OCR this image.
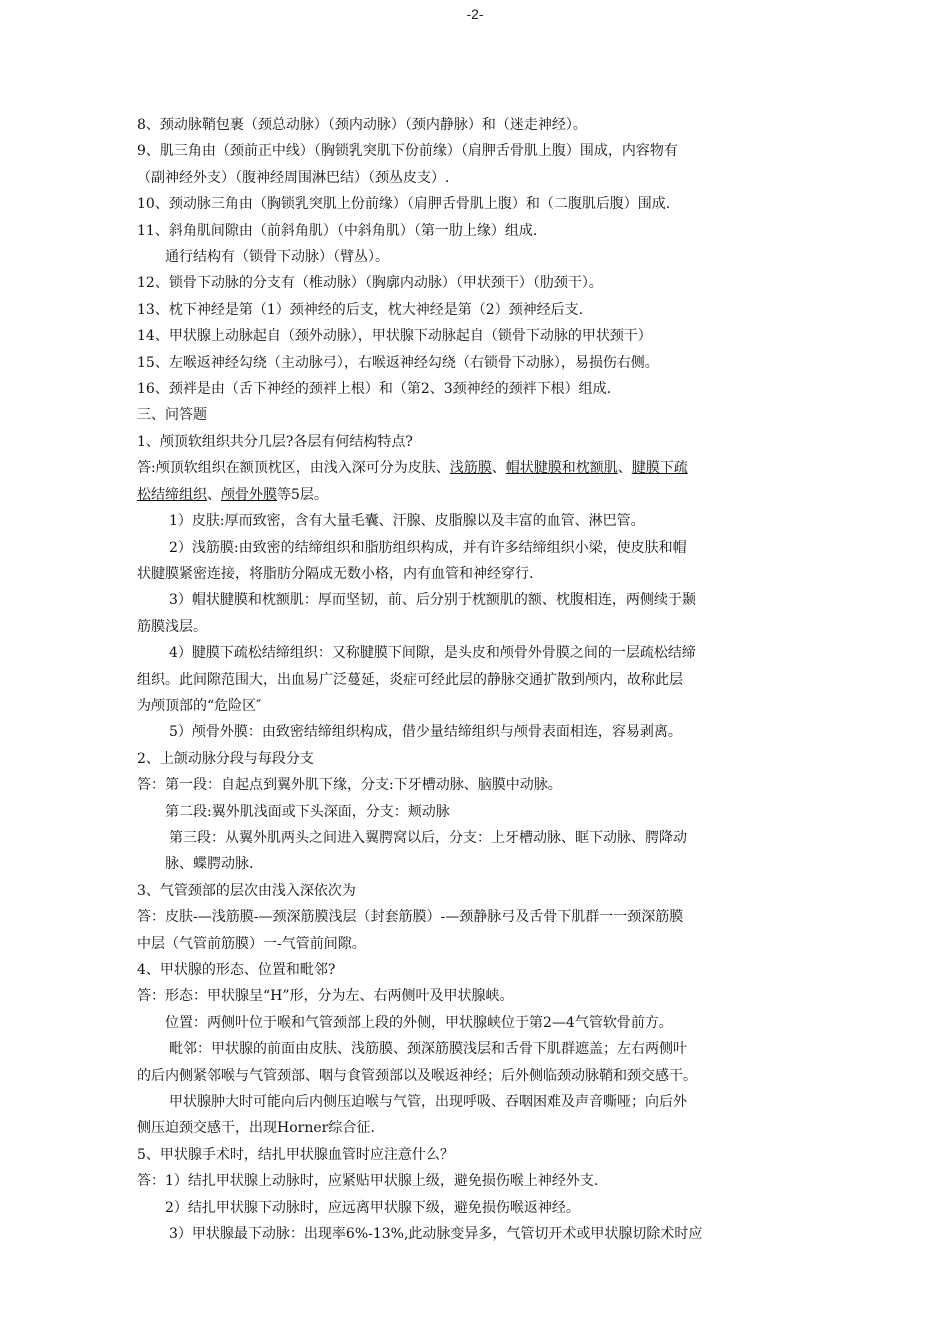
-2-

8、颈动脉鞘包裹（颈总动脉）（颈内动脉）（颈内静脉）和（迷走神经）。

9、肌三角由（颈前正中线）（胸锁乳突肌下份前缘）（肩胛舌骨肌上腹）围成，内容物有

（副神经外支）（腹神经周围淋巴结）（颈丛皮支）.

10、颈动脉三角由（胸锁乳突肌上份前缘）（肩胛舌骨肌上腹）和（二腹肌后腹）围成.

11、斜角肌间隙由（前斜角肌）（中斜角肌）（第一肋上缘）组成.

通行结构有（锁骨下动脉）（臂丛）。

12、锁骨下动脉的分支有（椎动脉）（胸廓内动脉）（甲状颈干）（肋颈干）。

13、枕下神经是第（1）颈神经的后支，枕大神经是第（2）颈神经后支.

14、甲状腺上动脉起自（颈外动脉），甲状腺下动脉起自（锁骨下动脉的甲状颈干）

15、左喉返神经勾绕（主动脉弓），右喉返神经勾绕（右锁骨下动脉），易损伤右侧。

16、颈袢是由（舌下神经的颈袢上根）和（第2、3颈神经的颈袢下根）组成.

三、问答题

1、颅顶软组织共分几层?各层有何结构特点?

答:颅顶软组织在额顶枕区，由浅入深可分为皮肤、浅筋膜、帽状腱膜和枕额肌、腱膜下疏

松结缔组织、颅骨外膜等5层。

1）皮肤:厚而致密，含有大量毛囊、汗腺、皮脂腺以及丰富的血管、淋巴管。

2）浅筋膜:由致密的结缔组织和脂肪组织构成，并有许多结缔组织小梁，使皮肤和帽

状腱膜紧密连接，将脂肪分隔成无数小格，内有血管和神经穿行.

3）帽状腱膜和枕额肌：厚而坚韧，前、后分别于枕额肌的额、枕腹相连，两侧续于颞

筋膜浅层。

4）腱膜下疏松结缔组织：又称腱膜下间隙，是头皮和颅骨外骨膜之间的一层疏松结缔

组织。此间隙范围大，出血易广泛蔓延，炎症可经此层的静脉交通扩散到颅内，故称此层

为颅顶部的“危险区″

5）颅骨外膜：由致密结缔组织构成，借少量结缔组织与颅骨表面相连，容易剥离。

2、上颌动脉分段与每段分支

答：第一段：自起点到翼外肌下缘，分支:下牙槽动脉、脑膜中动脉。

第二段:翼外肌浅面或下头深面，分支：颊动脉

第三段：从翼外肌两头之间进入翼腭窝以后，分支：上牙槽动脉、眶下动脉、腭降动

脉、蝶腭动脉.

3、气管颈部的层次由浅入深依次为

答：皮肤-—浅筋膜-—颈深筋膜浅层（封套筋膜）-—颈静脉弓及舌骨下肌群一一颈深筋膜

中层（气管前筋膜）一-气管前间隙。

4、甲状腺的形态、位置和毗邻?

答：形态：甲状腺呈“H”形，分为左、右两侧叶及甲状腺峡。

位置：两侧叶位于喉和气管颈部上段的外侧，甲状腺峡位于第2—4气管软骨前方。

毗邻：甲状腺的前面由皮肤、浅筋膜、颈深筋膜浅层和舌骨下肌群遮盖；左右两侧叶

的后内侧紧邻喉与气管颈部、咽与食管颈部以及喉返神经；后外侧临颈动脉鞘和颈交感干。

甲状腺肿大时可能向后内侧压迫喉与气管，出现呼吸、吞咽困难及声音嘶哑；向后外

侧压迫颈交感干，出现Horner综合征.

5、甲状腺手术时，结扎甲状腺血管时应注意什么？

答：1）结扎甲状腺上动脉时，应紧贴甲状腺上级，避免损伤喉上神经外支.

2）结扎甲状腺下动脉时，应远离甲状腺下级，避免损伤喉返神经。

3）甲状腺最下动脉：出现率6%-13%,此动脉变异多，气管切开术或甲状腺切除术时应
